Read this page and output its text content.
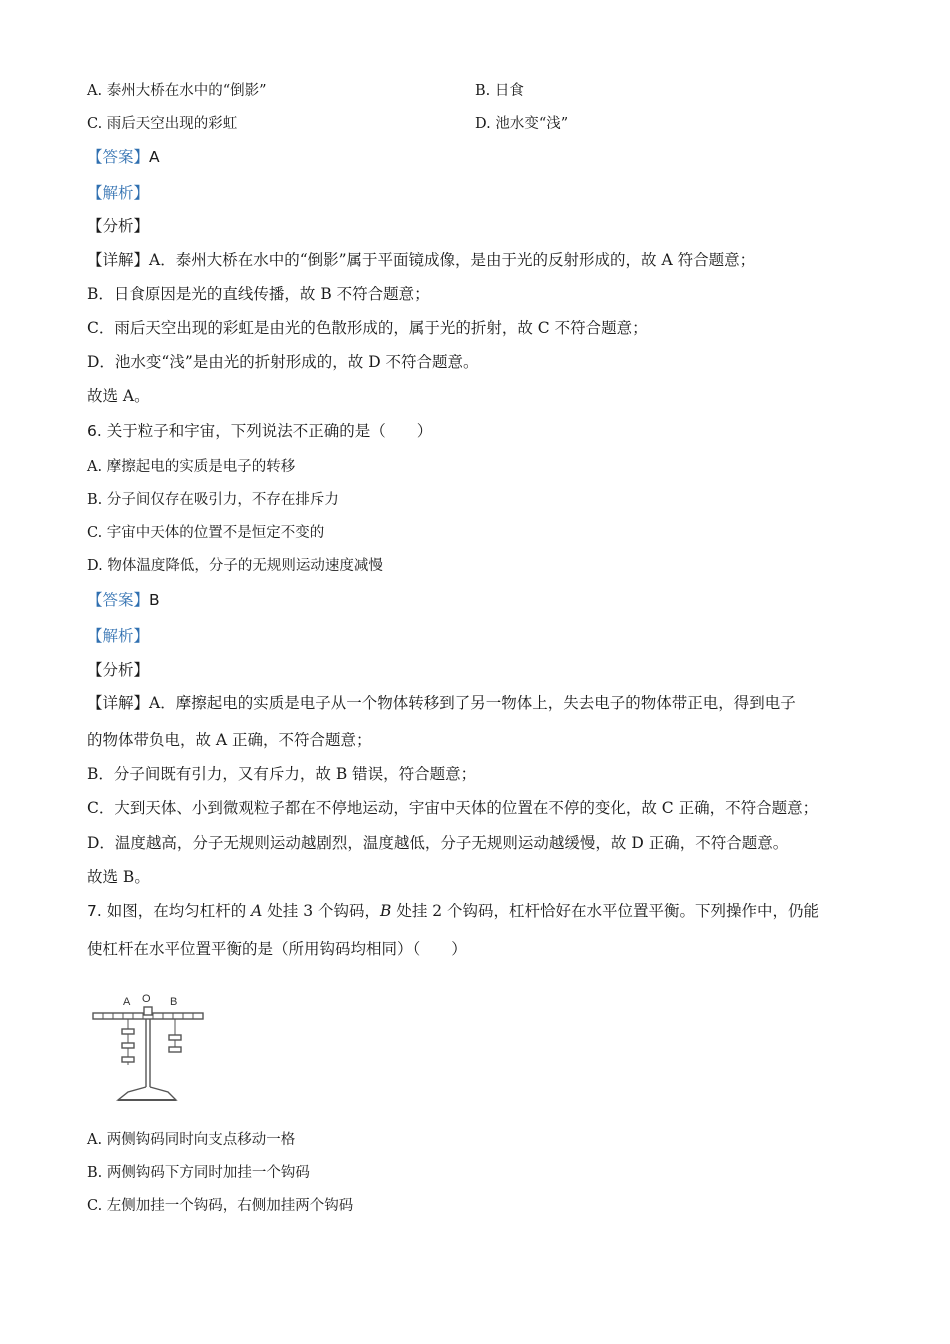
A. 泰州大桥在水中的“倒影”	B. 日食
C. 雨后天空出现的彩虹	D. 池水变“浅”
【答案】A
【解析】
【分析】
【详解】A．泰州大桥在水中的“倒影”属于平面镜成像，是由于光的反射形成的，故 A 符合题意；
B．日食原因是光的直线传播，故 B 不符合题意；
C．雨后天空出现的彩虹是由光的色散形成的，属于光的折射，故 C 不符合题意；
D．池水变“浅”是由光的折射形成的，故 D 不符合题意。
故选 A。
6. 关于粒子和宇宙，下列说法不正确的是（　　）
A. 摩擦起电的实质是电子的转移
B. 分子间仅存在吸引力，不存在排斥力
C. 宇宙中天体的位置不是恒定不变的
D. 物体温度降低，分子的无规则运动速度减慢
【答案】B
【解析】
【分析】
【详解】A．摩擦起电的实质是电子从一个物体转移到了另一物体上，失去电子的物体带正电，得到电子
的物体带负电，故 A 正确，不符合题意；
B．分子间既有引力，又有斥力，故 B 错误，符合题意；
C．大到天体、小到微观粒子都在不停地运动，宇宙中天体的位置在不停的变化，故 C 正确，不符合题意；
D．温度越高，分子无规则运动越剧烈，温度越低，分子无规则运动越缓慢，故 D 正确，不符合题意。
故选 B。
7. 如图，在均匀杠杆的 A 处挂 3 个钩码，B 处挂 2 个钩码，杠杆恰好在水平位置平衡。下列操作中，仍能
使杠杆在水平位置平衡的是（所用钩码均相同）（　　）
A O B
A. 两侧钩码同时向支点移动一格
B. 两侧钩码下方同时加挂一个钩码
C. 左侧加挂一个钩码，右侧加挂两个钩码
